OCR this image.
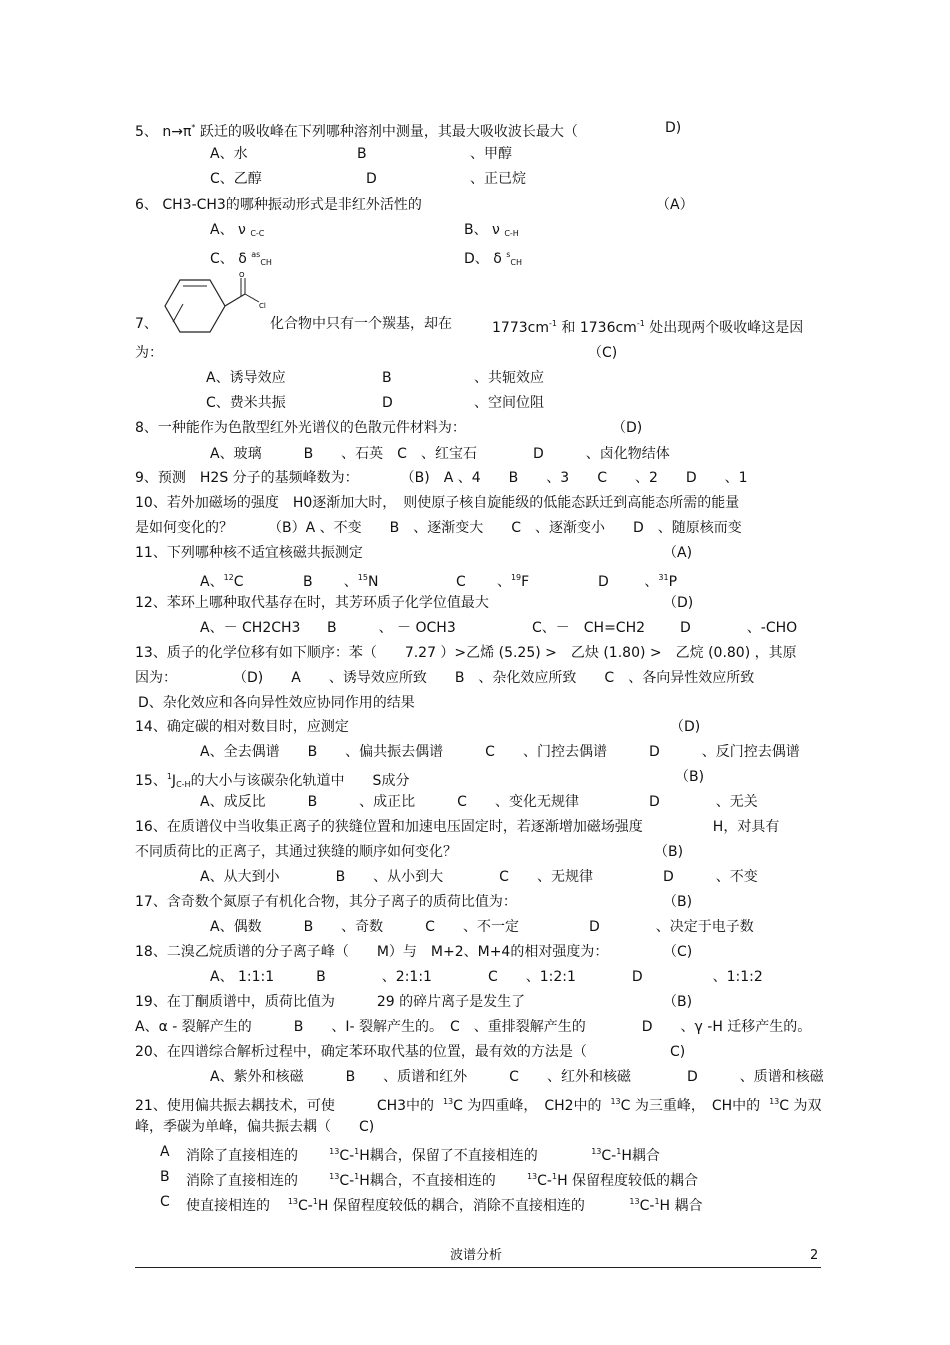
5、 n→π* 跃迁的吸收峰在下列哪种溶剂中测量，其最大吸收波长最大（	D)
A、水	B	、甲醇
C、乙醇	D	、正已烷
6、 CH3-CH3的哪种振动形式是非红外活性的	（A）
A、 ν $_{C-C}$	B、 ν $_{C-H}$
C、 δ $^{as}_{CH}$	D、 δ $^s_{CH}$
O
Cl
7、	化合物中只有一个羰基，却在	$1773cm^{-1}$ 和 $1736cm^{-1}$ 处出现两个吸收峰这是因
为：	（C)
A、诱导效应	B	、共轭效应
C、费米共振	D	、空间位阻
8、一种能作为色散型红外光谱仪的色散元件材料为：	（D)
A、玻璃　　　B　　、石英　C　、红宝石　　　　D　　　、卤化物结体
9、预测　H2S 分子的基频峰数为：　　　　（B)　A 、4　　B　　、3　　C　　、2　　D　　、1
10、若外加磁场的强度　H0逐渐加大时，　则使原子核自旋能级的低能态跃迁到高能态所需的能量
是如何变化的？　　　（B）A 、不变　　B　、逐渐变大　　C　、逐渐变小　　D　、随原核而变
11、下列哪种核不适宜核磁共振测定	（A)
A、$^{12}$C	B 、$^{15}$N	C 、$^{19}$F	D	、$^{31}$P
12、苯环上哪种取代基存在时，其芳环质子化学位值最大	（D)
A、－ CH2CH3 B　　　、 － OCH3	C、－　CH=CH2 D　　　　、-CHO
13、质子的化学位移有如下顺序：苯（　　7.27 ）>乙烯 (5.25) >　乙炔 (1.80) >　乙烷 (0.80) ，其原
因为：　　　　　（D)　　A　　、诱导效应所致　　B　、杂化效应所致　　C　、各向异性效应所致
D、杂化效应和各向异性效应协同作用的结果
14、确定碳的相对数目时，应测定	（D)
A、全去偶谱　　B　　、偏共振去偶谱　　　C　　、门控去偶谱　　　D　　　、反门控去偶谱
15、$^1J_{C-H}$的大小与该碳杂化轨道中　　S成分	（B)
A、成反比　　　B　　　、成正比　　　C　　、变化无规律　　　　　D　　　　、无关
16、在质谱仪中当收集正离子的狭缝位置和加速电压固定时，若逐渐增加磁场强度　　　　　H，对具有
不同质荷比的正离子，其通过狭缝的顺序如何变化？	（B)
A、从大到小　　　　B　　、从小到大　　　　C　　、无规律　　　　　D　　　、不变
17、含奇数个氮原子有机化合物，其分子离子的质荷比值为：	（B)
A、偶数　　　B　　、奇数　　　C　　、不一定　　　　　D　　　　、决定于电子数
18、二溴乙烷质谱的分子离子峰（　　M）与　M+2、M+4的相对强度为：	（C)
A、 1:1:1　　　B　　　　、2:1:1　　　　C　　、1:2:1　　　　D　　　　　、1:1:2
19、在丁酮质谱中，质荷比值为　　　29 的碎片离子是发生了	（B)
A、α - 裂解产生的　　　B　　、I- 裂解产生的。　C　、重排裂解产生的　　　　D　　、γ -H 迁移产生的。
20、在四谱综合解析过程中，确定苯环取代基的位置，最有效的方法是（	C)
A、紫外和核磁　　　B　　、质谱和红外　　　C　　、红外和核磁　　　　D　　　、质谱和核磁
21、使用偏共振去耦技术，可使　　　CH3中的 $^{13}$C 为四重峰，　CH2中的 $^{13}$C 为三重峰，　CH中的 $^{13}$C 为双
峰，季碳为单峰，偏共振去耦（　　C)
A 消除了直接相连的	$^{13}$C-$^1$H耦合，保留了不直接相连的	$^{13}$C-$^1$H耦合
B 消除了直接相连的	$^{13}$C-$^1$H耦合，不直接相连的	$^{13}$C-$^1$H 保留程度较低的耦合
C 使直接相连的 $^{13}$C-$^1$H 保留程度较低的耦合，消除不直接相连的	$^{13}$C-$^1$H 耦合
波谱分析	2
